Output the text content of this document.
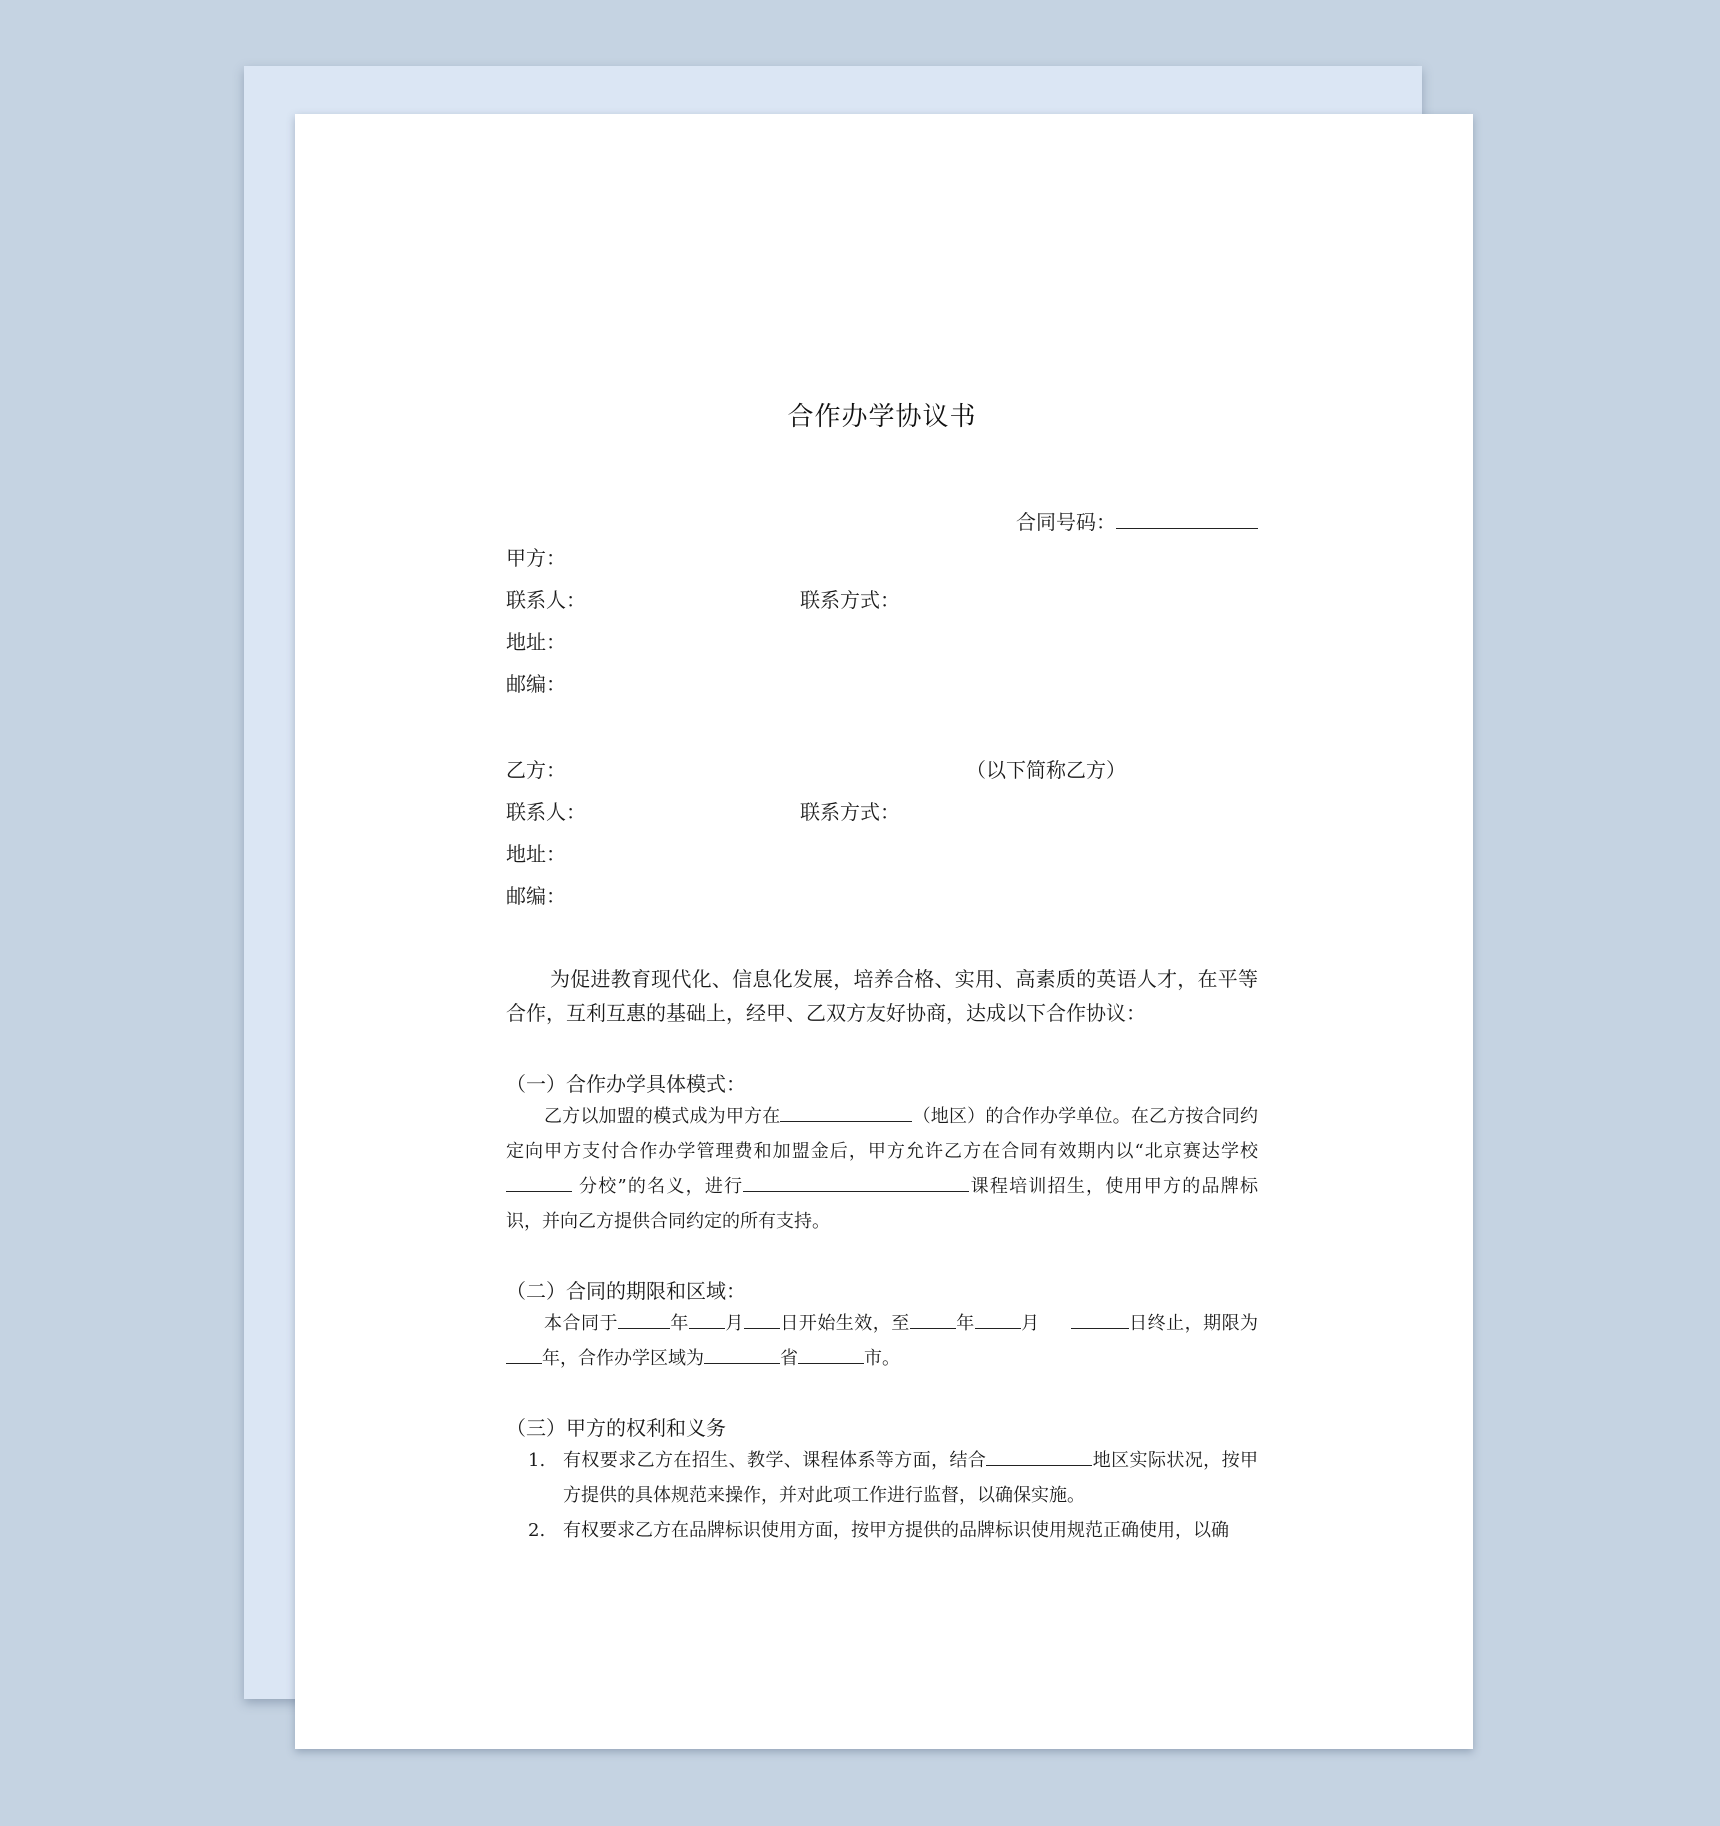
合作办学协议书
合同号码：
甲方：
联系人：	联系方式：
地址：
邮编：
乙方：	（以下简称乙方）
联系人：	联系方式：
地址：
邮编：
为促进教育现代化、信息化发展，培养合格、实用、高素质的英语人才，在平等合作，互利互惠的基础上，经甲、乙双方友好协商，达成以下合作协议：
（一）合作办学具体模式：
乙方以加盟的模式成为甲方在	（地区）的合作办学单位。在乙方按合同约定向甲方支付合作办学管理费和加盟金后，甲方允许乙方在合同有效期内以“北京赛达学校  分校”的名义，进行	课程培训招生，使用甲方的品牌标识，并向乙方提供合同约定的所有支持。
（二）合同的期限和区域：
本合同于	年 月 日开始生效，至	年	月	日终止，期限为年，合作办学区域为	省	市。
（三）甲方的权利和义务
1. 有权要求乙方在招生、教学、课程体系等方面，结合	地区实际状况，按甲方提供的具体规范来操作，并对此项工作进行监督，以确保实施。
2. 有权要求乙方在品牌标识使用方面，按甲方提供的品牌标识使用规范正确使用，以确
